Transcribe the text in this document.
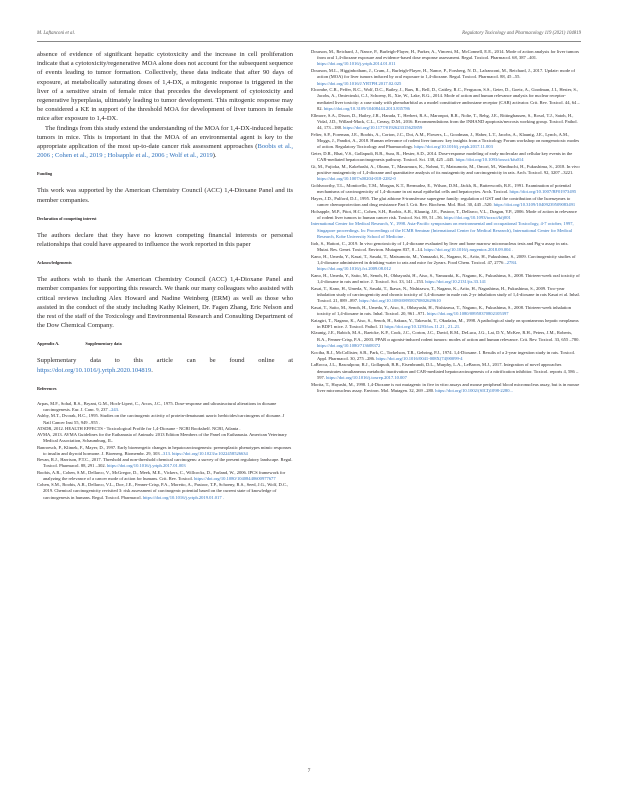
M. Laftanconi et al.	Regulatory Toxicology and Pharmacology 119 (2021) 104819

absence of evidence of significant hepatic cytotoxicity and the increase in cell proliferation indicate that a cytotoxicity/regenerative MOA alone does not account for the subsequent sequence of events leading to tumor formation. Collectively, these data indicate that after 90 days of exposure, at metabolically saturating doses of 1,4-DX, a mitogenic response is triggered in the liver of a sensitive strain of female mice that precedes the development of cytotoxicity and regenerative hyperplasia, ultimately leading to tumor development. This mitogenic response may be considered a KE in support of the threshold MOA for development of liver tumors in female mice after exposure to 1,4-DX.

The findings from this study extend the understanding of the MOA for 1,4-DX-induced hepatic tumors in mice. This is important in that the MOA of an environmental agent is key to the appropriate application of the most up-to-date cancer risk assessment approaches (Boobis et al., 2006 ; Cohen et al., 2019 ; Holsapple et al., 2006 ; Wolf et al., 2019).

Funding

This work was supported by the American Chemistry Council (ACC) 1,4-Dioxane Panel and its member companies.

Declaration of competing interest

The authors declare that they have no known competing financial interests or personal relationships that could have appeared to influence the work reported in this paper

Acknowledgements

The authors wish to thank the American Chemistry Council (ACC) 1,4-Dioxane Panel and member companies for supporting this research. We thank our many colleagues who assisted with critical reviews including Alex Howard and Nadine Weinberg (ERM) as well as those who assisted in the conduct of the study including Kathy Kleinert, Dr. Fagen Zhang, Eric Nelson and the rest of the staff of the Toxicology and Environmental Research and Consulting Department of the Dow Chemical Company.

Appendix A.	Supplementary data

Supplementary data to this article can be found online at https://doi.org/10.1016/j.yrtph.2020.104819.

References
Arpas, M.F., Sohal, R.S., Bryant, G.M., Hoch-Lipert, C., Arcos, J.C., 1975. Dose-response and ultrastructural alterations in dioxane carcinogenesis. Eur. J. Canc. 9, 237 –243.
Ashby, M.T., Dvorak, H.C., 1995. Studies on the carcinogenic activity of protein-denaturant uzoric herbicides/carcinogens of dioxane. J Natl Cancer Inst 55, 949 –955 .
ATSDR, 2012. HEALTH EFFECTS - Toxicological Profile for 1,4-Dioxane - NCBI Bookshelf. NCBI, Atlanta .
AVMA, 2013. AVMA Guidelines for the Euthanasia of Animals: 2013 Edition Members of the Panel on Euthanasia. American Veterinary Medical Association, Schaumburg, IL.
Banroesch, P., Klimek, F., Mayer, D., 1997. Early bioenergetic changes in hepatocarcinogenesis: preneoplastic phenotypes mimic responses to insulin and thyroid hormone. J. Bioenerg. Biomembr. 29, 303 –313. https://doi.org/10.1023/a:1022458526634
Bevan, R.J., Harrison, P.T.C., 2017. Threshold and non-threshold chemical carcinogens: a survey of the present regulatory landscape. Regul. Toxicol. Pharmacol. 88, 291 –302. https://doi.org/10.1016/j.yrtph.2017.01.003
Boobis, A.R., Cohen, S.M., Dellarco, V., McGregor, D., Meek, M.E., Vickers, C., Willcocks, D., Farland, W., 2006. IPCS framework for analyzing the relevance of a cancer mode of action for humans. Crit. Rev. Toxicol. https://doi.org/10.1080/10408440600977677
Cohen, S.M., Boobis, A.R., Dellarco, V.L., Doe, J.E., Fenner-Crisp, P.A., Moretto, A., Pastoor, T.P., Schoeny, R.S., Seed, J.G., Wolf, D.C., 2019. Chemical carcinogenicity revisited 3: risk assessment of carcinogenic potential based on the current state of knowledge of carcinogenesis in humans. Regul. Toxicol. Pharmacol. https://doi.org/10.1016/j.yrtph.2019.01.017 .
Dourson, M., Reichard, J., Nance, P., Burleigh-Flayer, H., Parker, A., Vincent, M., McConnell, E.E., 2014. Mode of action analysis for liver tumors from oral 1,4-dioxane exposure and evidence-based dose response assessment. Regul. Toxicol. Pharmacol. 68, 387 –401. https://doi.org/10.1016/j.yrtph.2014.01.011
Dourson, M.L., Higginbotham, J., Crum, J., Burleigh-Flayer, H., Nance, P., Forsberg, N. D., Lafranconi, M., Reichard, J., 2017. Update: mode of action (MOA) for liver tumors induced by oral exposure to 1,4-dioxane. Regul. Toxicol. Pharmacol. 88, 45 –55. https://doi.org/10.1016/J.YRTPH.2017.02.025
Elcombe, C.R., Peffer, R.C., Wolf, D.C., Bailey, J., Bars, R., Bell, D., Cattley, R.C., Ferguson, S.S., Geter, D., Goetz, A., Goodman, J.I., Hester, S., Jacobs, A., Omiecinski, C.J., Schoeny, R., Xie, W., Lake, B.G., 2014. Mode of action and human relevance analysis for nuclear receptor-mediated liver toxicity: a case study with phenobarbital as a model constitutive androstane receptor (CAR) activator. Crit. Rev. Toxicol. 44, 64 –82. https://doi.org/10.3109/10408444.2013.835786
Ellmore, S.A., Dixon, D., Hailey, J.R., Harada, T., Herbert, R.A., Maronpot, R.R., Nolte, T., Rehg, J.E., Rittinghausen, S., Rosol, T.J., Satoh, H., Vidal, J.D., Willard-Mack, C.L., Creasy, D.M., 2016. Recommendations from the INHAND apoptosis/necrosis working group. Toxicol. Pathol. 44, 173 –188. https://doi.org/10.1177/0192623315625859
Felter, S.P., Foreman, J.E., Boobis, A., Corton, J.C., Doi, A.M., Flowers, L., Goodman, J., Haber, L.T., Jacobs, A., Klaunig, J.E., Lynch, A.M., Moggs, J., Pandiri, A., 2018. Human relevance of rodent liver tumors: key insights from a Toxicology Forum workshop on nongenotoxic modes of action. Regulatory Toxicology and Pharmacology. https://doi.org/10.1016/j.yrtph.2017.11.003
Geter, D.R., Bhat, V.S., Gollapudi, B.B., Sura, R., Hester, S.D., 2014. Dose-response modeling of early molecular and cellular key events in the CAR-mediated hepatocarcinogenesis pathway. Toxicol. Sci. 138, 425 –445. https://doi.org/10.1093/toxsci/kfu014
Gi, M., Fujioka, M., Kakehashi, A., Okuno, T., Masumura, K., Nohmi, T., Matsumoto, M., Omori, M., Wanibuchi, H., Fukushima, S., 2018. In vivo positive mutagenicity of 1,4-dioxane and quantitative analysis of its mutagenicity and carcinogenicity in rats. Arch. Toxicol. 92, 3207 –3221. https://doi.org/10.1007/s00204-018-2282-0
Goldsworthy, T.L., Monticello, T.M., Morgan, K.T., Bermudez, E., Wilson, D.M., Jäckh, R., Butterworth, B.E., 1991. Examination of potential mechanisms of carcinogenicity of 1,4-dioxane in rat nasal epithelial cells and hepatocytes. Arch. Toxicol. https://doi.org/10.1007/BF01973495
Hayes, J.D., Pulford, D.J., 1995. The glut athione S-transferase supergene family: regulation of GST and the contribution of the Isoenzymes to cancer chemoprotection and drug resistance Part I. Crit. Rev. Biochem. Mol. Biol. 30, 445 –520. https://doi.org/10.3109/10409239509083491
Holsapple, M.P., Pitot, H.C., Cohen, S.H., Boobis, A.R., Klaunig, J.E., Pastoor, T., Dellarco, V.L., Dragan, Y.P., 2006. Mode of action in relevance of rodent liver tumors to human cancer risk. Toxicol. Sci. 89, 51 –56. https://doi.org/10.1093/toxsci/kfj001
International Center for Medical Research, Y., 1998. Asia-Pacific symposium on environmental and occupational Toxicology, 4-7 october, 1997, Singapore proceedings. In: Proceedings of the ICMR Seminar (International Center for Medical Research), International Center for Medical Research, Kobe University School of Medicine .
Itoh, S., Hattori, C., 2019. In vivo genotoxicity of 1,4-dioxane evaluated by liver and bone marrow micronucleus tests and Pig-a assay in rats. Mutat. Res. Genet. Toxicol. Environ. Mutagen 837, 8 –14. https://doi.org/10.1016/j.mrgentox.2018.09.004 .
Kano, H., Umeda, Y., Kasai, T., Sasaki, T., Matsumoto, M., Yamazaki, K., Nagano, K., Arito, H., Fukushima, S., 2009. Carcinogenicity studies of 1,4-dioxane administered in drinking-water to rats and mice for 2years. Food Chem. Toxicol. 47, 2776 –2784. https://doi.org/10.1016/j.fct.2009.08.012
Kano, H., Umeda, Y., Saito, M., Senoh, H., Ohbayashi, H., Aiso, S., Yamazaki, K., Nagano, K., Fukushima, S., 2008. Thirteen-week oral toxicity of 1,4-dioxane in rats and mice. J. Toxicol. Sci. 33, 141 –153. https://doi.org/10.2131/jts.33.141
Kasai, T., Kano, H., Umeda, Y., Sasaki, T., Ikawa, N., Nishizawa, T., Nagano, K., Arito, H., Nagashima, H., Fukushima, S., 2009. Two-year inhalation study of carcinogenicity and chronic toxicity of 1,4-dioxane in male rats 2-yr inhalation study of 1,4-dioxane in rats Kasai et al. Inhal. Toxicol. 21, 889 –897. https://doi.org/10.1080/08958370802629610
Kasai, T., Saito, M., Senoh, H., Umeda, Y., Aiso, S., Ohbayashi, H., Nishizawa, T., Nagano, K., Fukushima, S., 2008. Thirteen-week inhalation toxicity of 1,4-dioxane in rats. Inhal. Toxicol. 20, 961 –971. https://doi.org/10.1080/08958370802105397
Katagiri, T., Nagano, K., Aiso, S., Senoh, H., Sakura, Y., Takeuchi, T., Okudaira, M., 1998. A pathological study on spontaneous hepatic neoplasms in BDF1 mice. J. Toxicol. Pathol. 11 https://doi.org/10.1293/tox.11.21 , 21–21.
Klaunig, J.E., Babich, M.A., Baetcke, K.P., Cook, J.C., Corton, J.C., David, R.M., DeLuca, J.G., Lai, D.Y., McKee, R.H., Peters, J.M., Roberts, R.A., Fenner-Crisp, P.A., 2003. PPAR α agonist-induced rodent tumors: modes of action and human relevance. Crit. Rev. Toxicol. 33, 655 –780. https://doi.org/10.1080/713608372
Kociba, R.J., McCollister, S.B., Park, C., Torkelson, T.R., Gehring, P.J., 1974. 1,4-Dioxane. I. Results of a 2-year ingestion study in rats. Toxicol. Appl. Pharmacol. 30, 275 –286. https://doi.org/10.1016/0041-008X(74)90099-4
LaRocca, J.L., Rasoulpour, R.J., Gollapudi, B.B., Eisenbrandt, D.L., Murphy, L.A., LeBaron, M.J., 2017. Integration of novel approaches demonstrates simultaneous metabolic inactivation and CAR-mediated hepatocarcinogenesis of a nitrification inhibitor. Toxicol. reports 4, 586 –597. https://doi.org/10.1016/j.toxrep.2017.10.007
Morita, T., Hayashi, M., 1998. 1,4-Dioxane is not mutagenic in five in vitro assays and mouse peripheral blood micronucleus assay, but is in mouse liver micronucleus assay. Environ. Mol. Mutagen. 32, 269 –280. https://doi.org/10.1002/(SICI)1098-2280...
7
